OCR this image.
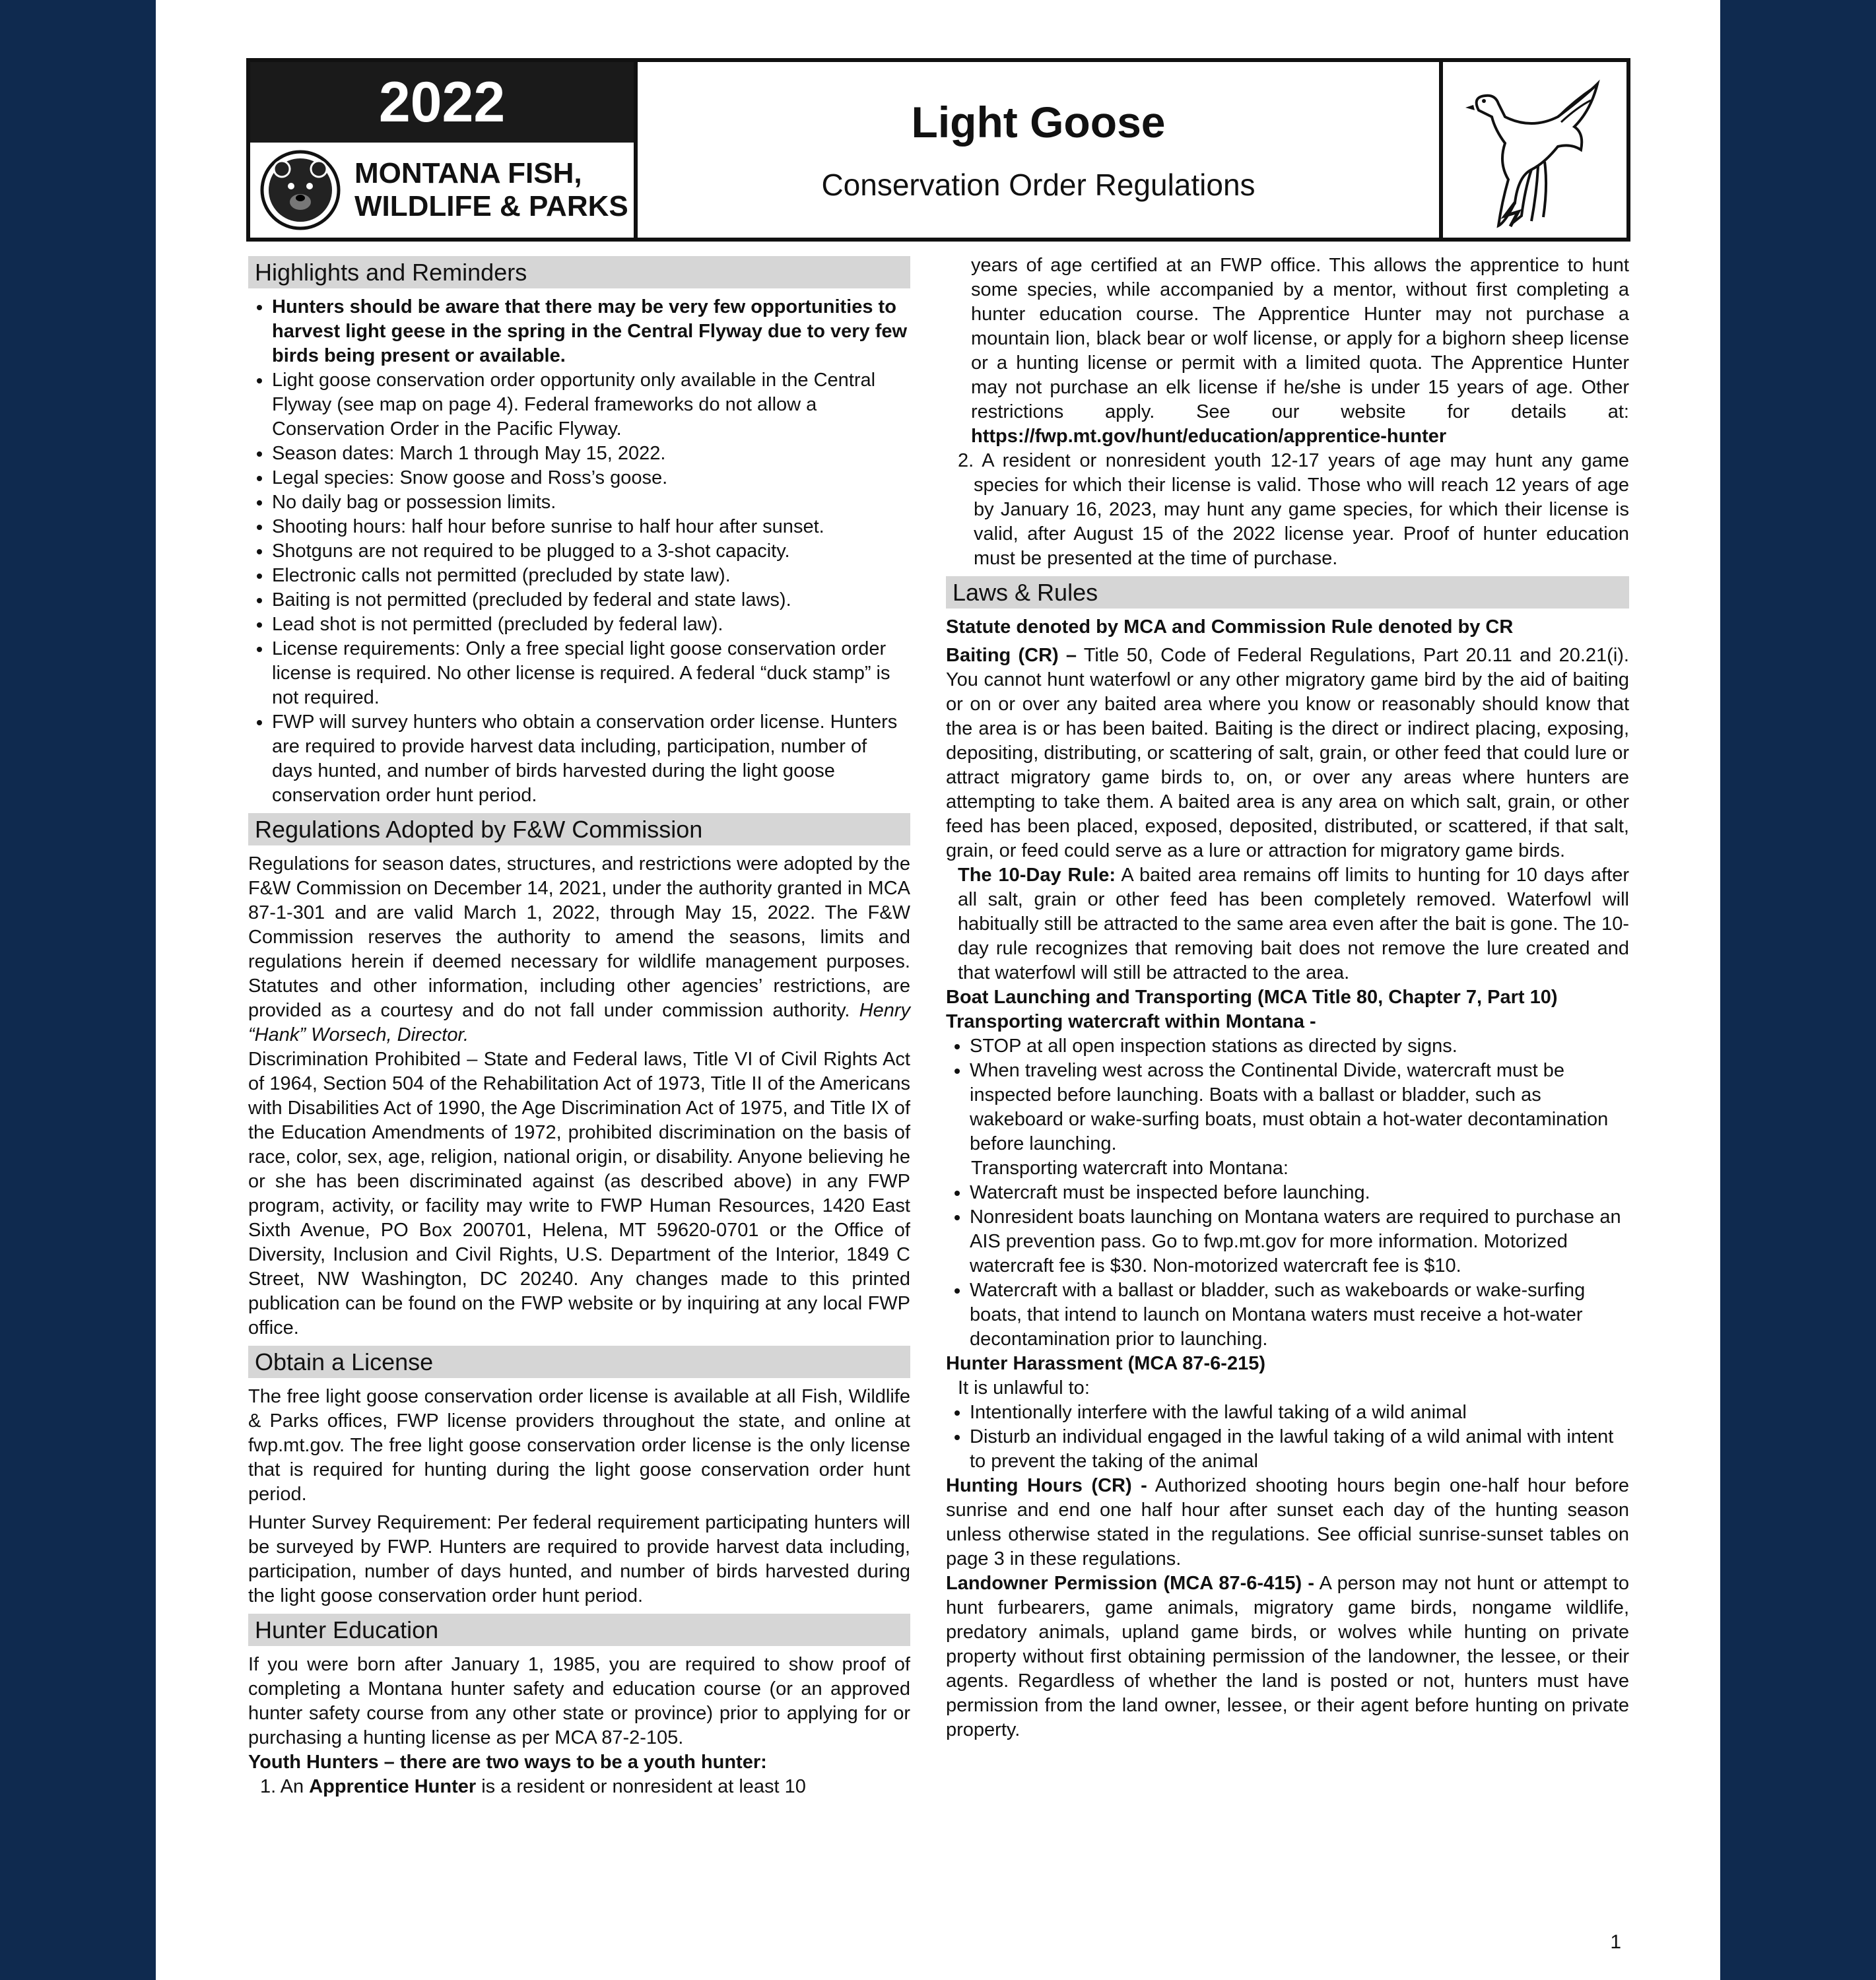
2022
MONTANA FISH,
WILDLIFE & PARKS
Light Goose
Conservation Order Regulations
Highlights and Reminders
• Hunters should be aware that there may be very few opportunities to harvest light geese in the spring in the Central Flyway due to very few birds being present or available.
• Light goose conservation order opportunity only available in the Central Flyway (see map on page 4). Federal frameworks do not allow a Conservation Order in the Pacific Flyway.
• Season dates: March 1 through May 15, 2022.
• Legal species: Snow goose and Ross’s goose.
• No daily bag or possession limits.
• Shooting hours: half hour before sunrise to half hour after sunset.
• Shotguns are not required to be plugged to a 3-shot capacity.
• Electronic calls not permitted (precluded by state law).
• Baiting is not permitted (precluded by federal and state laws).
• Lead shot is not permitted (precluded by federal law).
• License requirements: Only a free special light goose conservation order license is required. No other license is required. A federal “duck stamp” is not required.
• FWP will survey hunters who obtain a conservation order license. Hunters are required to provide harvest data including, participation, number of days hunted, and number of birds harvested during the light goose conservation order hunt period.
Regulations Adopted by F&W Commission

Regulations for season dates, structures, and restrictions were adopted by the F&W Commission on December 14, 2021, under the authority granted in MCA 87-1-301 and are valid March 1, 2022, through May 15, 2022. The F&W Commission reserves the authority to amend the seasons, limits and regulations herein if deemed necessary for wildlife management purposes. Statutes and other information, including other agencies’ restrictions, are provided as a courtesy and do not fall under commission authority. Henry “Hank” Worsech, Director.

Discrimination Prohibited – State and Federal laws, Title VI of Civil Rights Act of 1964, Section 504 of the Rehabilitation Act of 1973, Title II of the Americans with Disabilities Act of 1990, the Age Discrimination Act of 1975, and Title IX of the Education Amendments of 1972, prohibited discrimination on the basis of race, color, sex, age, religion, national origin, or disability. Anyone believing he or she has been discriminated against (as described above) in any FWP program, activity, or facility may write to FWP Human Resources, 1420 East Sixth Avenue, PO Box 200701, Helena, MT 59620-0701 or the Office of Diversity, Inclusion and Civil Rights, U.S. Department of the Interior, 1849 C Street, NW Washington, DC 20240. Any changes made to this printed publication can be found on the FWP website or by inquiring at any local FWP office.

Obtain a License

The free light goose conservation order license is available at all Fish, Wildlife & Parks offices, FWP license providers throughout the state, and online at fwp.mt.gov. The free light goose conservation order license is the only license that is required for hunting during the light goose conservation order hunt period.

Hunter Survey Requirement: Per federal requirement participating hunters will be surveyed by FWP. Hunters are required to provide harvest data including, participation, number of days hunted, and number of birds harvested during the light goose conservation order hunt period.

Hunter Education

If you were born after January 1, 1985, you are required to show proof of completing a Montana hunter safety and education course (or an approved hunter safety course from any other state or province) prior to applying for or purchasing a hunting license as per MCA 87-2-105.

Youth Hunters – there are two ways to be a youth hunter:

1. An Apprentice Hunter is a resident or nonresident at least 10

years of age certified at an FWP office. This allows the apprentice to hunt some species, while accompanied by a mentor, without first completing a hunter education course. The Apprentice Hunter may not purchase a mountain lion, black bear or wolf license, or apply for a bighorn sheep license or a hunting license or permit with a limited quota. The Apprentice Hunter may not purchase an elk license if he/she is under 15 years of age. Other restrictions apply. See our website for details at: https://fwp.mt.gov/hunt/education/apprentice-hunter

2. A resident or nonresident youth 12-17 years of age may hunt any game species for which their license is valid. Those who will reach 12 years of age by January 16, 2023, may hunt any game species, for which their license is valid, after August 15 of the 2022 license year. Proof of hunter education must be presented at the time of purchase.

Laws & Rules
Statute denoted by MCA and Commission Rule denoted by CR

Baiting (CR) – Title 50, Code of Federal Regulations, Part 20.11 and 20.21(i). You cannot hunt waterfowl or any other migratory game bird by the aid of baiting or on or over any baited area where you know or reasonably should know that the area is or has been baited. Baiting is the direct or indirect placing, exposing, depositing, distributing, or scattering of salt, grain, or other feed that could lure or attract migratory game birds to, on, or over any areas where hunters are attempting to take them. A baited area is any area on which salt, grain, or other feed has been placed, exposed, deposited, distributed, or scattered, if that salt, grain, or feed could serve as a lure or attraction for migratory game birds.

The 10-Day Rule: A baited area remains off limits to hunting for 10 days after all salt, grain or other feed has been completely removed. Waterfowl will habitually still be attracted to the same area even after the bait is gone. The 10-day rule recognizes that removing bait does not remove the lure created and that waterfowl will still be attracted to the area.

Boat Launching and Transporting (MCA Title 80, Chapter 7, Part 10)
Transporting watercraft within Montana -
• STOP at all open inspection stations as directed by signs.
• When traveling west across the Continental Divide, watercraft must be inspected before launching. Boats with a ballast or bladder, such as wakeboard or wake-surfing boats, must obtain a hot-water decontamination before launching.
Transporting watercraft into Montana:
• Watercraft must be inspected before launching.
• Nonresident boats launching on Montana waters are required to purchase an AIS prevention pass. Go to fwp.mt.gov for more information. Motorized watercraft fee is $30. Non-motorized watercraft fee is $10.
• Watercraft with a ballast or bladder, such as wakeboards or wake-surfing boats, that intend to launch on Montana waters must receive a hot-water decontamination prior to launching.
Hunter Harassment (MCA 87-6-215)
It is unlawful to:
• Intentionally interfere with the lawful taking of a wild animal
• Disturb an individual engaged in the lawful taking of a wild animal with intent to prevent the taking of the animal

Hunting Hours (CR) - Authorized shooting hours begin one-half hour before sunrise and end one half hour after sunset each day of the hunting season unless otherwise stated in the regulations. See official sunrise-sunset tables on page 3 in these regulations.

Landowner Permission (MCA 87-6-415) - A person may not hunt or attempt to hunt furbearers, game animals, migratory game birds, nongame wildlife, predatory animals, upland game birds, or wolves while hunting on private property without first obtaining permission of the landowner, the lessee, or their agents. Regardless of whether the land is posted or not, hunters must have permission from the land owner, lessee, or their agent before hunting on private property.

1
